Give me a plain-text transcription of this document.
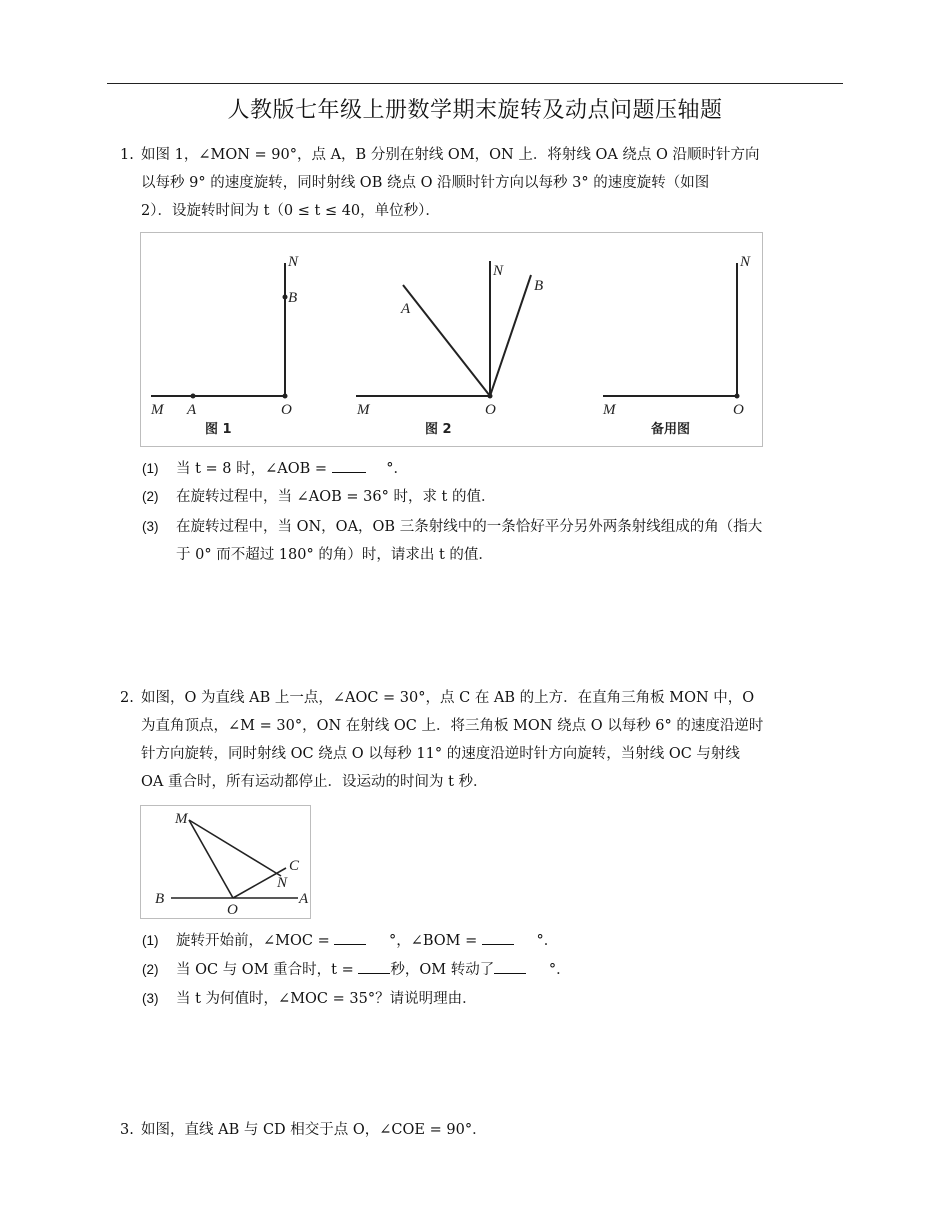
人教版七年级上册数学期末旋转及动点问题压轴题
1. 如图 1，∠MON = 90°，点 A，B 分别在射线 OM，ON 上．将射线 OA 绕点 O 沿顺时针方向
以每秒 9° 的速度旋转，同时射线 OB 绕点 O 沿顺时针方向以每秒 3° 的速度旋转（如图
2）．设旋转时间为 t（0 ≤ t ≤ 40，单位秒）．
N
B
M A	O
图 1
N
B
A
M	O
图 2
N
M	O
备用图
(1) 当 t = 8 时，∠AOB =	°．
(2) 在旋转过程中，当 ∠AOB = 36° 时，求 t 的值．
(3) 在旋转过程中，当 ON，OA，OB 三条射线中的一条恰好平分另外两条射线组成的角（指大
于 0° 而不超过 180° 的角）时，请求出 t 的值．
2. 如图，O 为直线 AB 上一点，∠AOC = 30°，点 C 在 AB 的上方．在直角三角板 MON 中，O
为直角顶点，∠M = 30°，ON 在射线 OC 上．将三角板 MON 绕点 O 以每秒 6° 的速度沿逆时
针方向旋转，同时射线 OC 绕点 O 以每秒 11° 的速度沿逆时针方向旋转，当射线 OC 与射线
OA 重合时，所有运动都停止．设运动的时间为 t 秒．
M
C
N
B
O
A
(1) 旋转开始前，∠MOC =	°，∠BOM =	°．
(2) 当 OC 与 OM 重合时，t =	秒，OM 转动了	°．
(3) 当 t 为何值时，∠MOC = 35°？请说明理由．
3. 如图，直线 AB 与 CD 相交于点 O，∠COE = 90°．
